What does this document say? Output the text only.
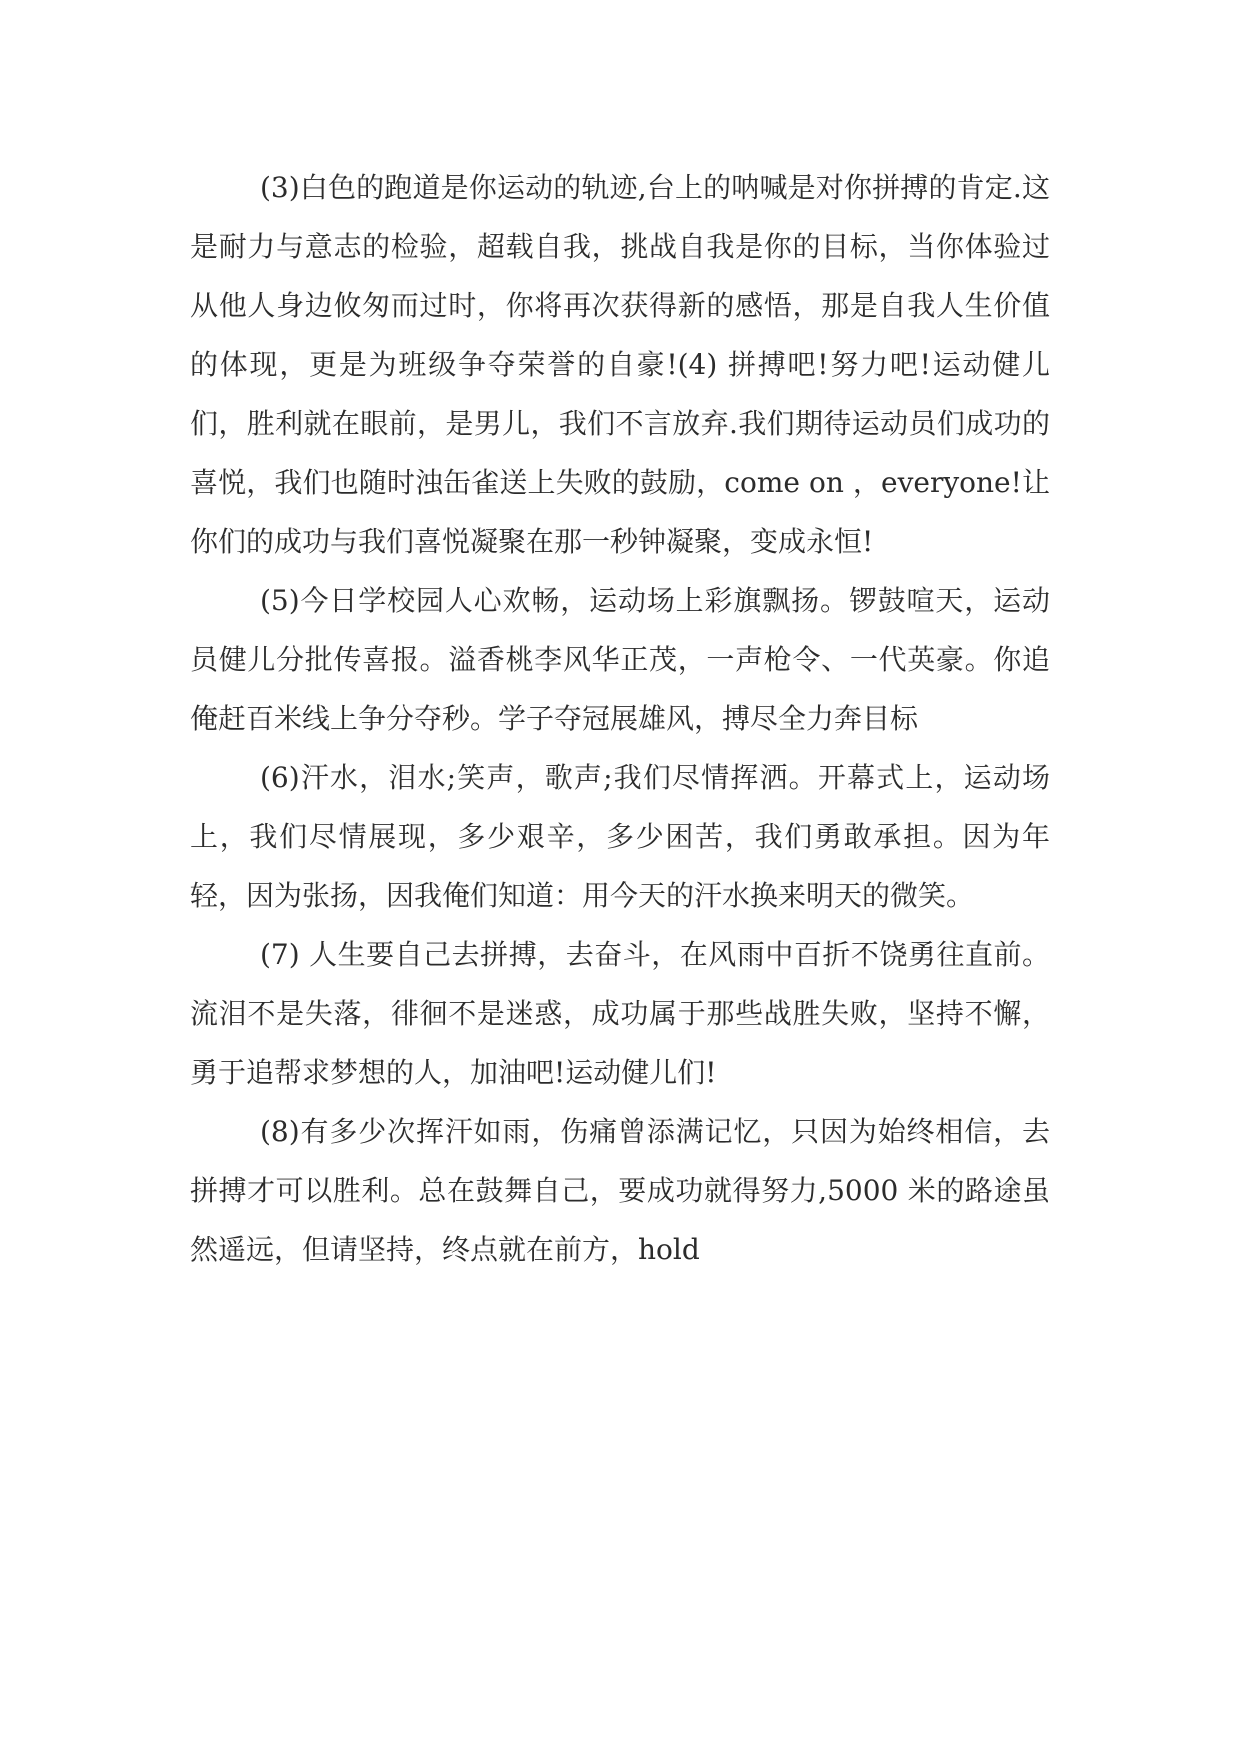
(3)白色的跑道是你运动的轨迹,台上的呐喊是对你拼搏的肯定.这是耐力与意志的检验，超载自我，挑战自我是你的目标，当你体验过从他人身边攸匆而过时，你将再次获得新的感悟，那是自我人生价值的体现，更是为班级争夺荣誉的自豪!(4) 拼搏吧!努力吧!运动健儿们，胜利就在眼前，是男儿，我们不言放弃.我们期待运动员们成功的喜悦，我们也随时浊缶雀送上失败的鼓励，come on ，everyone!让你们的成功与我们喜悦凝聚在那一秒钟凝聚，变成永恒!

(5)今日学校园人心欢畅，运动场上彩旗飘扬。锣鼓喧天，运动员健儿分批传喜报。溢香桃李风华正茂，一声枪令、一代英豪。你追俺赶百米线上争分夺秒。学子夺冠展雄风，搏尽全力奔目标

(6)汗水，泪水;笑声，歌声;我们尽情挥洒。开幕式上，运动场上，我们尽情展现，多少艰辛，多少困苦，我们勇敢承担。因为年轻，因为张扬，因我俺们知道：用今天的汗水换来明天的微笑。

(7) 人生要自己去拼搏，去奋斗，在风雨中百折不饶勇往直前。流泪不是失落，徘徊不是迷惑，成功属于那些战胜失败，坚持不懈，勇于追帮求梦想的人，加油吧!运动健儿们!

(8)有多少次挥汗如雨，伤痛曾添满记忆，只因为始终相信，去拼搏才可以胜利。总在鼓舞自己，要成功就得努力,5000 米的路途虽然遥远，但请坚持，终点就在前方，hold
